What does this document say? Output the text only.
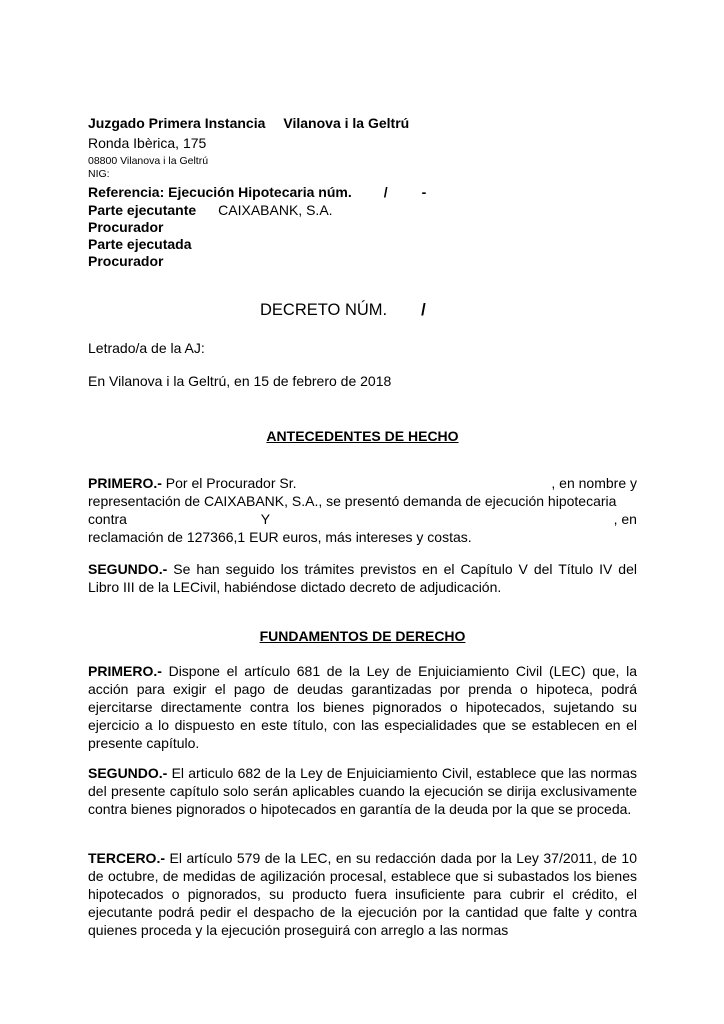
Juzgado Primera Instancia Vilanova i la Geltrú
Ronda Ibèrica, 175
08800 Vilanova i la Geltrú
NIG:
Referencia: Ejecución Hipotecaria núm. / -
Parte ejecutante CAIXABANK, S.A.
Procurador
Parte ejecutada
Procurador
DECRETO NÚM. /
Letrado/a de la AJ:
En Vilanova i la Geltrú, en 15 de febrero de 2018
ANTECEDENTES DE HECHO
PRIMERO.- Por el Procurador Sr.	, en nombre y
representación de CAIXABANK, S.A., se presentó demanda de ejecución hipotecaria
contra	Y	, en
reclamación de 127366,1 EUR euros, más intereses y costas.
SEGUNDO.- Se han seguido los trámites previstos en el Capítulo V del Título IV del Libro III de la LECivil, habiéndose dictado decreto de adjudicación.
FUNDAMENTOS DE DERECHO
PRIMERO.- Dispone el artículo 681 de la Ley de Enjuiciamiento Civil (LEC) que, la acción para exigir el pago de deudas garantizadas por prenda o hipoteca, podrá ejercitarse directamente contra los bienes pignorados o hipotecados, sujetando su ejercicio a lo dispuesto en este título, con las especialidades que se establecen en el presente capítulo.
SEGUNDO.- El articulo 682 de la Ley de Enjuiciamiento Civil, establece que las normas del presente capítulo solo serán aplicables cuando la ejecución se dirija exclusivamente contra bienes pignorados o hipotecados en garantía de la deuda por la que se proceda.
TERCERO.- El artículo 579 de la LEC, en su redacción dada por la Ley 37/2011, de 10 de octubre, de medidas de agilización procesal, establece que si subastados los bienes hipotecados o pignorados, su producto fuera insuficiente para cubrir el crédito, el ejecutante podrá pedir el despacho de la ejecución por la cantidad que falte y contra quienes proceda y la ejecución proseguirá con arreglo a las normas
